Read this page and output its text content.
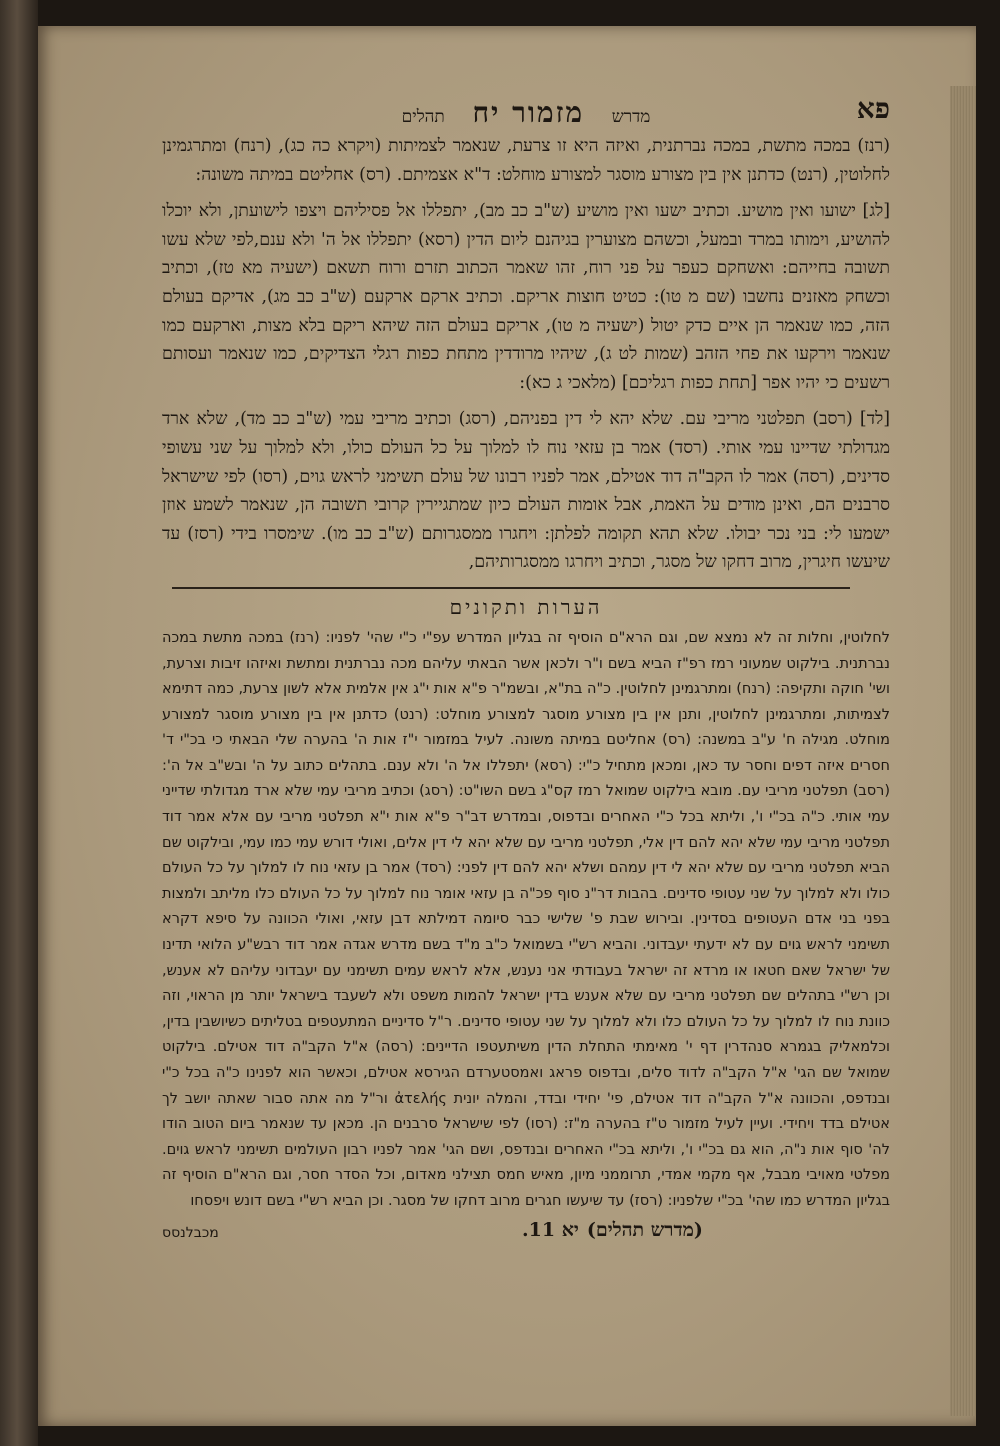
פא
מדרש מזמור יח תהלים

(רנז) במכה מתשת, במכה נברתנית, ואיזה היא זו צרעת, שנאמר לצמיתות (ויקרא כה כג), (רנח) ומתרגמינן לחלוטין, (רנט) כדתנן אין בין מצורע מוסגר למצורע מוחלט: ד"א אצמיתם. (רס) אחליטם במיתה משונה:

[לג] ישועו ואין מושיע. וכתיב ישעו ואין מושיע (ש"ב כב מב), יתפללו אל פסיליהם ויצפו לישועתן, ולא יוכלו להושיע, וימותו במרד ובמעל, וכשהם מצוערין בגיהנם ליום הדין (רסא) יתפללו אל ה' ולא ענם,לפי שלא עשו תשובה בחייהם: ואשחקם כעפר על פני רוח, זהו שאמר הכתוב תזרם ורוח תשאם (ישעיה מא טז), וכתיב וכשחק מאזנים נחשבו (שם מ טו): כטיט חוצות אריקם. וכתיב ארקם ארקעם (ש"ב כב מג), אדיקם בעולם הזה, כמו שנאמר הן איים כדק יטול (ישעיה מ טו), אריקם בעולם הזה שיהא ריקם בלא מצות, וארקעם כמו שנאמר וירקעו את פחי הזהב (שמות לט ג), שיהיו מרודדין מתחת כפות רגלי הצדיקים, כמו שנאמר ועסותם רשעים כי יהיו אפר [תחת כפות רגליכם] (מלאכי ג כא):

[לד] (רסב) תפלטני מריבי עם. שלא יהא לי דין בפניהם, (רסג) וכתיב מריבי עמי (ש"ב כב מד), שלא ארד מגדולתי שדיינו עמי אותי. (רסד) אמר בן עזאי נוח לו למלוך על כל העולם כולו, ולא למלוך על שני עשופי סדינים, (רסה) אמר לו הקב"ה דוד אטילם, אמר לפניו רבונו של עולם תשימני לראש גוים, (רסו) לפי שישראל סרבנים הם, ואינן מודים על האמת, אבל אומות העולם כיון שמתגיירין קרובי תשובה הן, שנאמר לשמע אוזן ישמעו לי: בני נכר יבולו. שלא תהא תקומה לפלתן: ויחגרו ממסגרותם (ש"ב כב מו). שימסרו בידי (רסז) עד שיעשו חיגרין, מרוב דחקו של מסגר, וכתיב ויחרגו ממסגרותיהם,

הערות ותקונים

לחלוטין, וחלות זה לא נמצא שם, וגם הרא"ם הוסיף זה בגליון המדרש עפ"י כ"י שהי' לפניו: (רנז) במכה מתשת במכה נברתנית. בילקוט שמעוני רמז רפ"ז הביא בשם ו"ר ולכאן אשר הבאתי עליהם מכה נברתנית ומתשת ואיזהו זיבות וצרעת, ושי' חוקה ותקיפה: (רנח) ומתרגמינן לחלוטין. כ"ה בת"א, ובשמ"ר פ"א אות י"ג אין אלמית אלא לשון צרעת, כמה דתימא לצמיתות, ומתרגמינן לחלוטין, ותנן אין בין מצורע מוסגר למצורע מוחלט: (רנט) כדתנן אין בין מצורע מוסגר למצורע מוחלט. מגילה ח' ע"ב במשנה: (רס) אחליטם במיתה משונה. לעיל במזמור י"ז אות ה' בהערה שלי הבאתי כי בכ"י ד' חסרים איזה דפים וחסר עד כאן, ומכאן מתחיל כ"י: (רסא) יתפללו אל ה' ולא ענם. בתהלים כתוב על ה' ובש"ב אל ה': (רסב) תפלטני מריבי עם. מובא בילקוט שמואל רמז קס"ג בשם השו"ט: (רסג) וכתיב מריבי עמי שלא ארד מגדולתי שדייני עמי אותי. כ"ה בכ"י ו', וליתא בכל כ"י האחרים ובדפוס, ובמדרש דב"ר פ"א אות י"א תפלטני מריבי עם אלא אמר דוד תפלטני מריבי עמי שלא יהא להם דין אלי, תפלטני מריבי עם שלא יהא לי דין אלים, ואולי דורש עמי כמו עמי, ובילקוט שם הביא תפלטני מריבי עם שלא יהא לי דין עמהם ושלא יהא להם דין לפני: (רסד) אמר בן עזאי נוח לו למלוך על כל העולם כולו ולא למלוך על שני עטופי סדינים. בהבות דר"נ סוף פכ"ה בן עזאי אומר נוח למלוך על כל העולם כלו מליתב ולמצות בפני בני אדם העטופים בסדינין. ובירוש שבת פ' שלישי כבר סיומה דמילתא דבן עזאי, ואולי הכוונה על סיפא דקרא תשימני לראש גוים עם לא ידעתי יעבדוני. והביא רש"י בשמואל כ"ב מ"ד בשם מדרש אגדה אמר דוד רבש"ע הלואי תדינו של ישראל שאם חטאו או מרדא זה ישראל בעבודתי אני נענש, אלא לראש עמים תשימני עם יעבדוני עליהם לא אענש, וכן רש"י בתהלים שם תפלטני מריבי עם שלא אענש בדין ישראל להמות משפט ולא לשעבד בישראל יותר מן הראוי, וזה כוונת נוח לו למלוך על כל העולם כלו ולא למלוך על שני עטופי סדינים. ר"ל סדיניים המתעטפים בטליתים כשיושבין בדין, וכלמאליק בגמרא סנהדרין דף י' מאימתי התחלת הדין משיתעטפו הדיינים: (רסה) א"ל הקב"ה דוד אטילם. בילקוט שמואל שם הגי' א"ל הקב"ה לדוד סלים, ובדפוס פראג ואמסטערדם הגירסא אטילם, וכאשר הוא לפנינו כ"ה בכל כ"י ובנדפס, והכוונה א"ל הקב"ה דוד אטילם, פי' יחידי ובדד, והמלה יונית ἀτελής ור"ל מה אתה סבור שאתה יושב לך אטילם בדד ויחידי. ועיין לעיל מזמור ט"ז בהערה מ"ז: (רסו) לפי שישראל סרבנים הן. מכאן עד שנאמר ביום הטוב הודו לה' סוף אות נ"ה, הוא גם בכ"י ו', וליתא בכ"י האחרים ובנדפס, ושם הגי' אמר לפניו רבון העולמים תשימני לראש גוים. מפלטי מאויבי מבבל, אף מקמי אמדי, תרוממני מיון, מאיש חמס תצילני מאדום, וכל הסדר חסר, וגם הרא"ם הוסיף זה בגליון המדרש כמו שהי' בכ"י שלפניו: (רסז) עד שיעשו חגרים מרוב דחקו של מסגר. וכן הביא רש"י בשם דונש ויפסחו

(מדרש תהלים)יא 11.
מכבלנסס
